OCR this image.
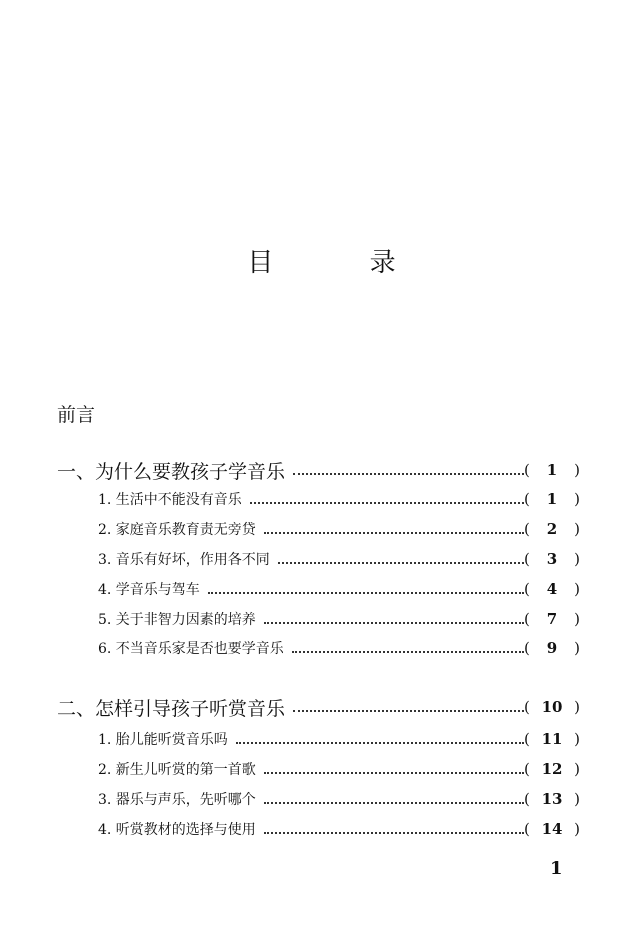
目 录
前言
一、为什么要教孩子学音乐	(	1	)
1. 生活中不能没有音乐	(	1	)
2. 家庭音乐教育责无旁贷	(	2	)
3. 音乐有好坏，作用各不同	(	3	)
4. 学音乐与驾车	(	4	)
5. 关于非智力因素的培养	(	7	)
6. 不当音乐家是否也要学音乐	(	9	)
二、怎样引导孩子听赏音乐	( 10 )
1. 胎儿能听赏音乐吗	( 11 )
2. 新生儿听赏的第一首歌	( 12 )
3. 器乐与声乐，先听哪个	( 13 )
4. 听赏教材的选择与使用	( 14 )
1
